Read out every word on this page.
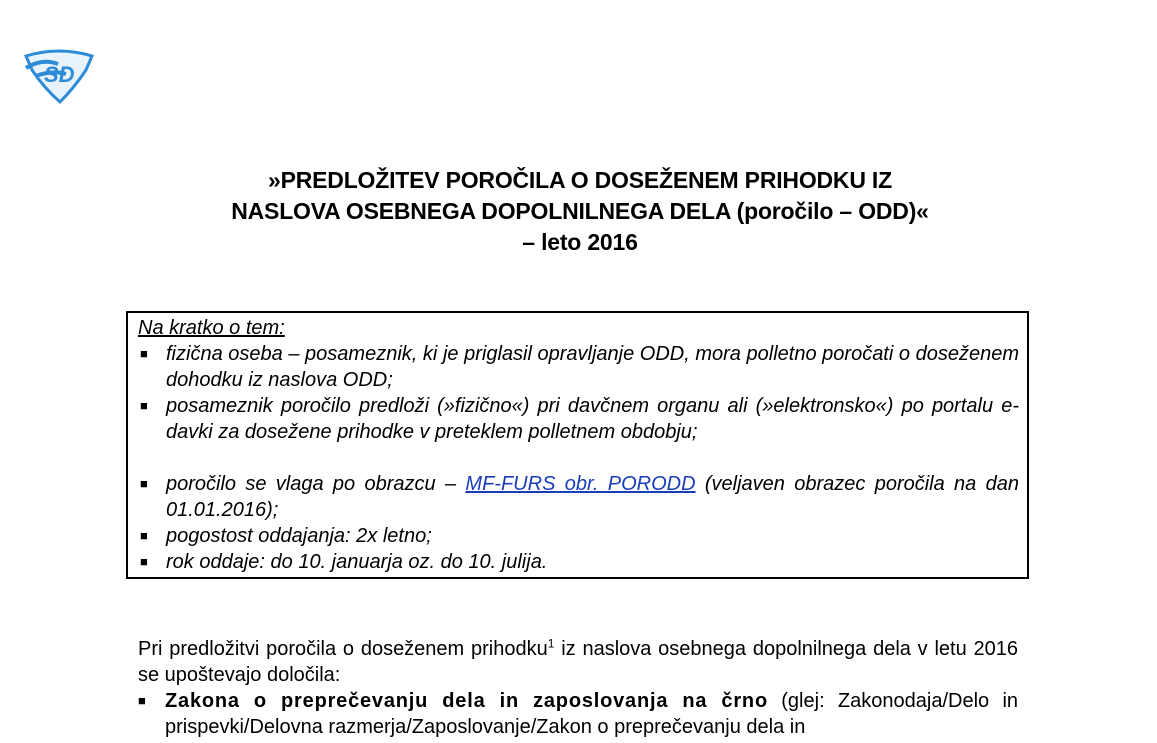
SD
»PREDLOŽITEV POROČILA O DOSEŽENEM PRIHODKU IZ
NASLOVA OSEBNEGA DOPOLNILNEGA DELA (poročilo – ODD)«
– leto 2016
Na kratko o tem:
■ fizična oseba – posameznik, ki je priglasil opravljanje ODD, mora polletno poročati o doseženem dohodku iz naslova ODD;
■ posameznik poročilo predloži (»fizično«) pri davčnem organu ali (»elektronsko«) po portalu e-davki za dosežene prihodke v preteklem polletnem obdobju;
■ poročilo se vlaga po obrazcu – MF-FURS obr. PORODD (veljaven obrazec poročila na dan 01.01.2016);
■ pogostost oddajanja: 2x letno;
■ rok oddaje: do 10. januarja oz. do 10. julija.

Pri predložitvi poročila o doseženem prihodku$^1$ iz naslova osebnega dopolnilnega dela v letu 2016 se upoštevajo določila:

■ Zakona o preprečevanju dela in zaposlovanja na črno (glej: Zakonodaja/Delo in prispevki/Delovna razmerja/Zaposlovanje/Zakon o preprečevanju dela in
